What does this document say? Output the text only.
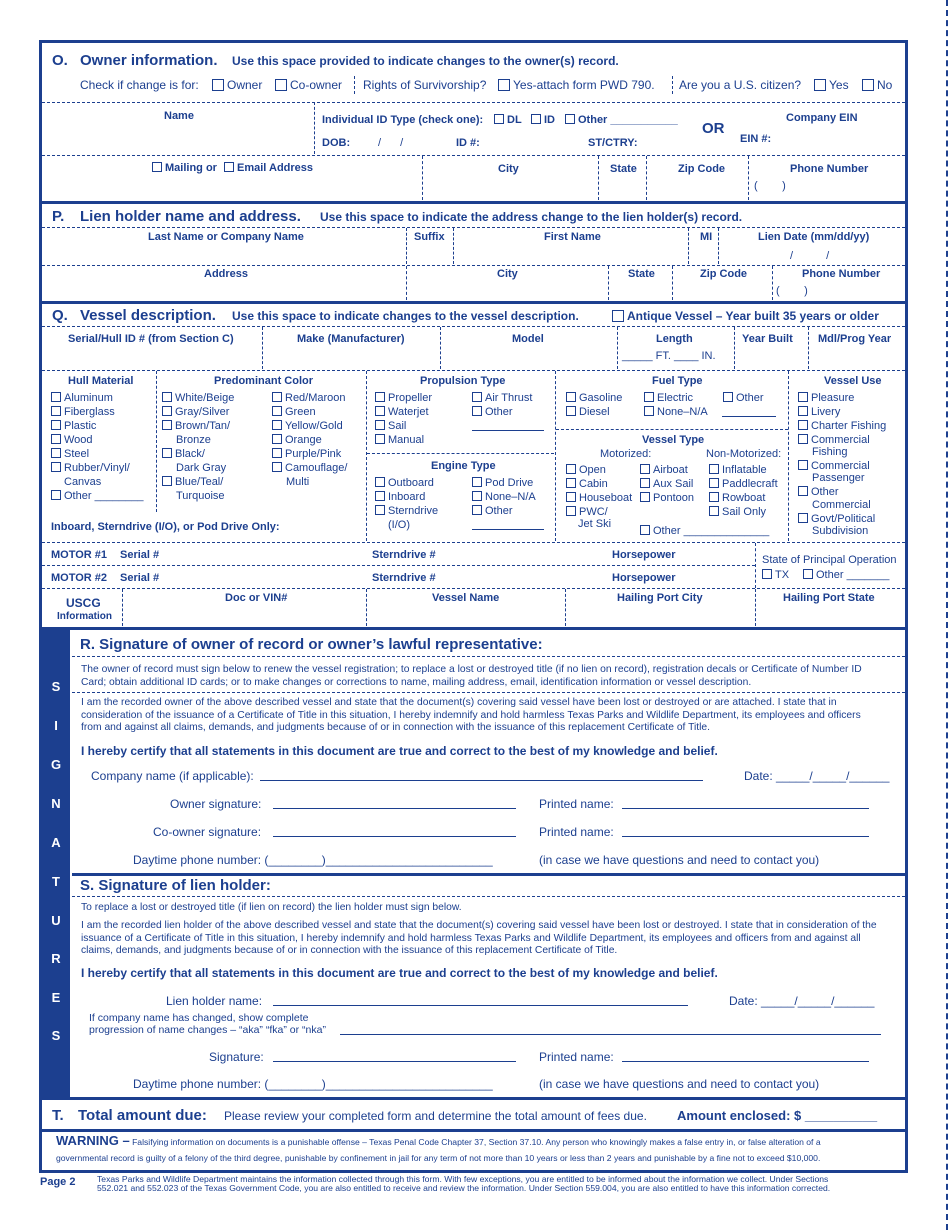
O. Owner information. Use this space provided to indicate changes to the owner(s) record.
Check if change is for:	Owner	Co-owner Rights of Survivorship?	Yes-attach form PWD 790. Are you a U.S. citizen?	Yes	No
Name	Individual ID Type (check one):	DL	ID	Other ___________ OR
Company EIN
DOB:	/ /	ID #:	ST/CTRY:	EIN #:
Mailing or	Email Address	City	State	Zip Code	Phone Number
(        )
P. Lien holder name and address. Use this space to indicate the address change to the lien holder(s) record.
Last Name or Company Name	Suffix	First Name	MI	Lien Date (mm/dd/yy)
/ /
Address	City	State	Zip Code	Phone Number
(        )
Q. Vessel description. Use this space to indicate changes to the vessel description.	Antique Vessel – Year built 35 years or older
Serial/Hull ID # (from Section C)	Make (Manufacturer)	Model	Length
_____ FT. ____ IN.
Year Built Mdl/Prog Year
Hull Material
Aluminum
Fiberglass
Plastic
Wood
Steel
Rubber/Vinyl/
Canvas
Other ________
Predominant Color
White/Beige
Gray/Silver
Brown/Tan/
Bronze
Black/
Dark Gray
Blue/Teal/
Turquoise
Red/Maroon
Green
Yellow/Gold
Orange
Purple/Pink
Camouflage/
Multi
Propulsion Type
Propeller
Waterjet
Sail
Manual
Air Thrust
Other
Engine Type
Outboard
Inboard
Sterndrive
(I/O)
Pod Drive
None–N/A
Other
Fuel Type
Gasoline
Diesel
Electric
None–N/A
Other
Vessel Type
Motorized:	Non-Motorized:
Open
Cabin
Houseboat
PWC/
Jet Ski
Airboat
Aux Sail
Pontoon
Inflatable
Paddlecraft
Rowboat
Sail Only
Other ______________
Vessel Use
Pleasure
Livery
Charter Fishing
Commercial
Fishing
Commercial
Passenger
Other
Commercial
Govt/Political
Subdivision
Inboard, Sterndrive (I/O), or Pod Drive Only:
MOTOR #1 Serial #	Sterndrive #	Horsepower
MOTOR #2 Serial #	Sterndrive #	Horsepower
State of Principal Operation
TX	Other _______
USCG
Information
Doc or VIN#	Vessel Name	Hailing Port City	Hailing Port State
S
I
G
N
A
T
U
R
E
S
R. Signature of owner of record or owner’s lawful representative:
The owner of record must sign below to renew the vessel registration; to replace a lost or destroyed title (if no lien on record), registration decals or Certificate of Number ID Card; obtain additional ID cards; or to make changes or corrections to name, mailing address, email, identification information or vessel description.
I am the recorded owner of the above described vessel and state that the document(s) covering said vessel have been lost or destroyed or are attached. I state that in consideration of the issuance of a Certificate of Title in this situation, I hereby indemnify and hold harmless Texas Parks and Wildlife Department, its employees and officers from and against all claims, demands, and judgments because of or in connection with the issuance of this replacement Certificate of Title.
I hereby certify that all statements in this document are true and correct to the best of my knowledge and belief.
Company name (if applicable):	Date: _____/_____/______
Owner signature:	Printed name:
Co-owner signature:	Printed name:
Daytime phone number: (________)_________________________	(in case we have questions and need to contact you)
S. Signature of lien holder:
To replace a lost or destroyed title (if lien on record) the lien holder must sign below.
I am the recorded lien holder of the above described vessel and state that the document(s) covering said vessel have been lost or destroyed. I state that in consideration of the issuance of a Certificate of Title in this situation, I hereby indemnify and hold harmless Texas Parks and Wildlife Department, its employees and officers from and against all claims, demands, and judgments because of or in connection with the issuance of this replacement Certificate of Title.
I hereby certify that all statements in this document are true and correct to the best of my knowledge and belief.
Lien holder name:	Date: _____/_____/______
If company name has changed, show complete
progression of name changes – “aka” “fka” or “nka”
Signature:	Printed name:
Daytime phone number: (________)_________________________	(in case we have questions and need to contact you)
T. Total amount due: Please review your completed form and determine the total amount of fees due. Amount enclosed: $ __________
WARNING – Falsifying information on documents is a punishable offense – Texas Penal Code Chapter 37, Section 37.10. Any person who knowingly makes a false entry in, or false alteration of a
governmental record is guilty of a felony of the third degree, punishable by confinement in jail for any term of not more than 10 years or less than 2 years and punishable by a fine not to exceed $10,000.
Page 2	Texas Parks and Wildlife Department maintains the information collected through this form. With few exceptions, you are entitled to be informed about the information we collect. Under Sections
552.021 and 552.023 of the Texas Government Code, you are also entitled to receive and review the information. Under Section 559.004, you are also entitled to have this information corrected.
